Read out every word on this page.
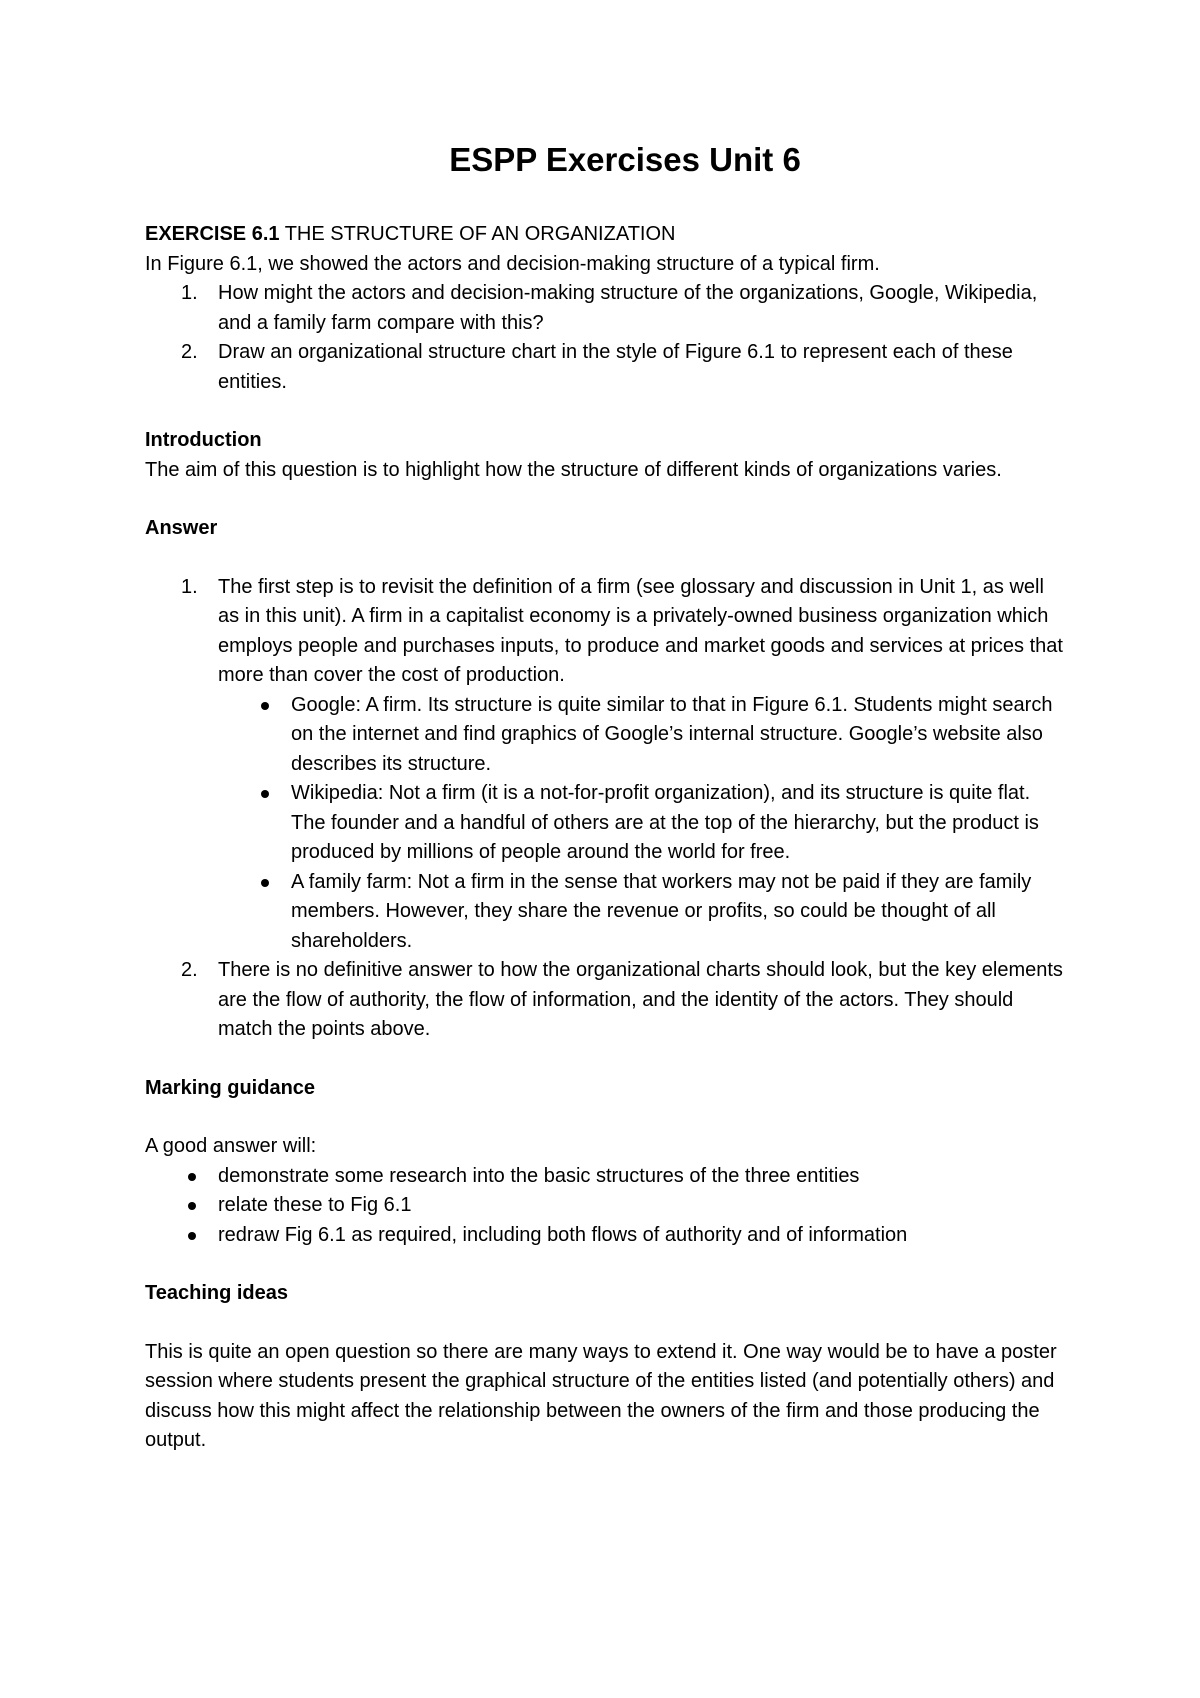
ESPP Exercises Unit 6

EXERCISE 6.1 THE STRUCTURE OF AN ORGANIZATION

In Figure 6.1, we showed the actors and decision-making structure of a typical firm.

1. How might the actors and decision-making structure of the organizations, Google, Wikipedia, and a family farm compare with this?
2. Draw an organizational structure chart in the style of Figure 6.1 to represent each of these entities.

Introduction

The aim of this question is to highlight how the structure of different kinds of organizations varies.

Answer

1. The first step is to revisit the definition of a firm (see glossary and discussion in Unit 1, as well as in this unit). A firm in a capitalist economy is a privately-owned business organization which employs people and purchases inputs, to produce and market goods and services at prices that more than cover the cost of production.
Google: A firm. Its structure is quite similar to that in Figure 6.1. Students might search on the internet and find graphics of Google’s internal structure. Google’s website also describes its structure.
Wikipedia: Not a firm (it is a not-for-profit organization), and its structure is quite flat. The founder and a handful of others are at the top of the hierarchy, but the product is produced by millions of people around the world for free.
A family farm: Not a firm in the sense that workers may not be paid if they are family members. However, they share the revenue or profits, so could be thought of all shareholders.
2. There is no definitive answer to how the organizational charts should look, but the key elements are the flow of authority, the flow of information, and the identity of the actors. They should match the points above.

Marking guidance

A good answer will:

demonstrate some research into the basic structures of the three entities
relate these to Fig 6.1
redraw Fig 6.1 as required, including both flows of authority and of information

Teaching ideas

This is quite an open question so there are many ways to extend it. One way would be to have a poster session where students present the graphical structure of the entities listed (and potentially others) and discuss how this might affect the relationship between the owners of the firm and those producing the output.
